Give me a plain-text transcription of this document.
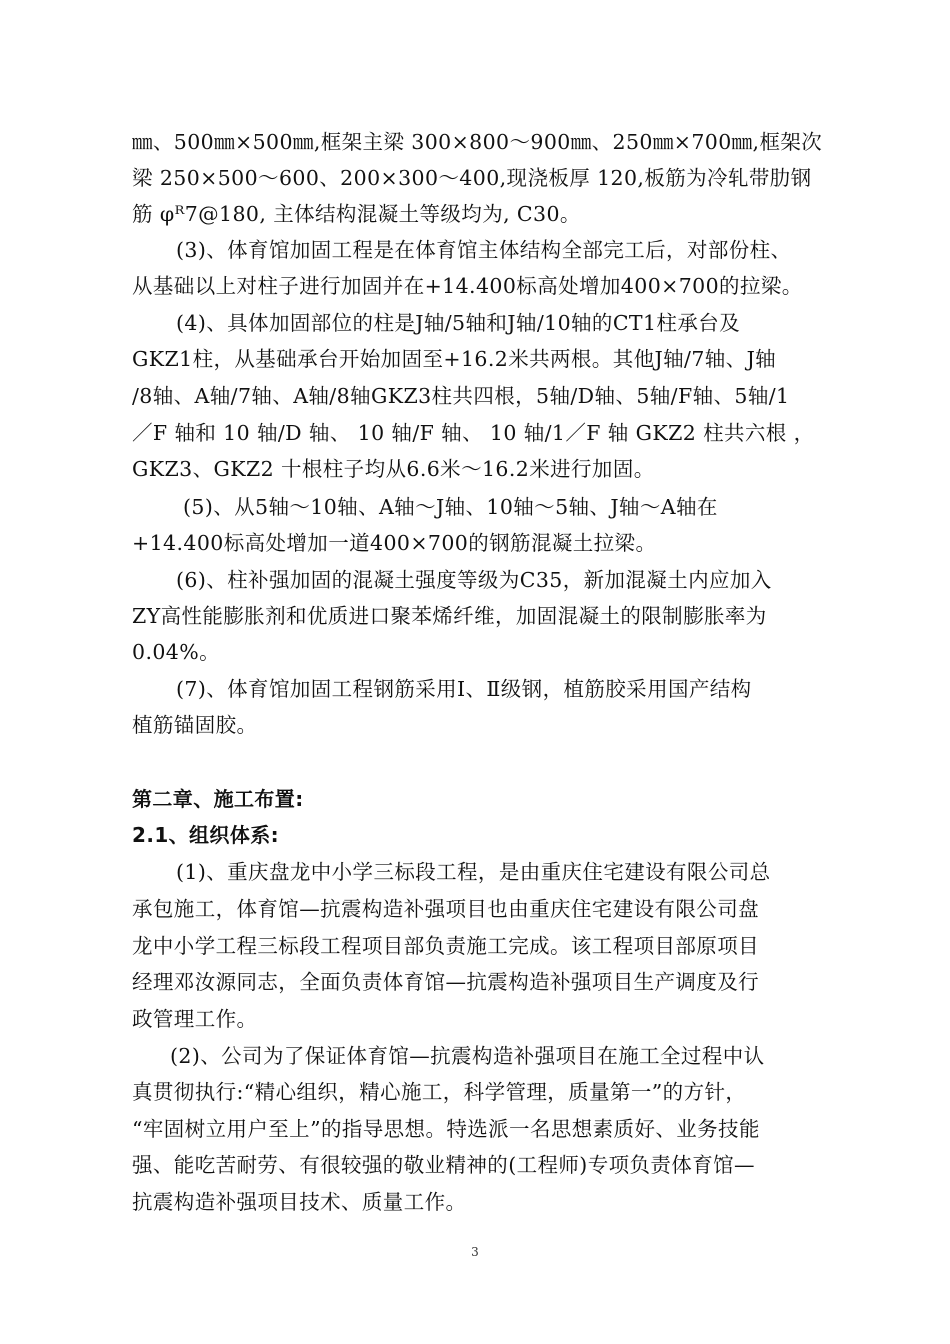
㎜、500㎜×500㎜,框架主梁 300×800～900㎜、250㎜×700㎜,框架次
梁 250×500～600、200×300～400,现浇板厚 120,板筋为冷轧带肋钢
筋 φᴿ7@180, 主体结构混凝土等级均为, C30。
(3)、体育馆加固工程是在体育馆主体结构全部完工后，对部份柱、
从基础以上对柱子进行加固并在+14.400标高处增加400×700的拉梁。
(4)、具体加固部位的柱是J轴/5轴和J轴/10轴的CT1柱承台及
GKZ1柱，从基础承台开始加固至+16.2米共两根。其他J轴/7轴、J轴
/8轴、A轴/7轴、A轴/8轴GKZ3柱共四根，5轴/D轴、5轴/F轴、5轴/1
／F 轴和 10 轴/D 轴、 10 轴/F 轴、 10 轴/1／F 轴 GKZ2 柱共六根 ，
GKZ3、GKZ2 十根柱子均从6.6米～16.2米进行加固。
(5)、从5轴～10轴、A轴～J轴、10轴～5轴、J轴～A轴在
+14.400标高处增加一道400×700的钢筋混凝土拉梁。
(6)、柱补强加固的混凝土强度等级为C35，新加混凝土内应加入
ZY高性能膨胀剂和优质进口聚苯烯纤维，加固混凝土的限制膨胀率为
0.04%。
(7)、体育馆加固工程钢筋采用Ⅰ、Ⅱ级钢，植筋胶采用国产结构
植筋锚固胶。
第二章、施工布置:
2.1、组织体系:
(1)、重庆盘龙中小学三标段工程，是由重庆住宅建设有限公司总
承包施工，体育馆—抗震构造补强项目也由重庆住宅建设有限公司盘
龙中小学工程三标段工程项目部负责施工完成。该工程项目部原项目
经理邓汝源同志，全面负责体育馆—抗震构造补强项目生产调度及行
政管理工作。
(2)、公司为了保证体育馆—抗震构造补强项目在施工全过程中认
真贯彻执行:“精心组织，精心施工，科学管理，质量第一”的方针，
“牢固树立用户至上”的指导思想。特选派一名思想素质好、业务技能
强、能吃苦耐劳、有很较强的敬业精神的(工程师)专项负责体育馆—
抗震构造补强项目技术、质量工作。
3
